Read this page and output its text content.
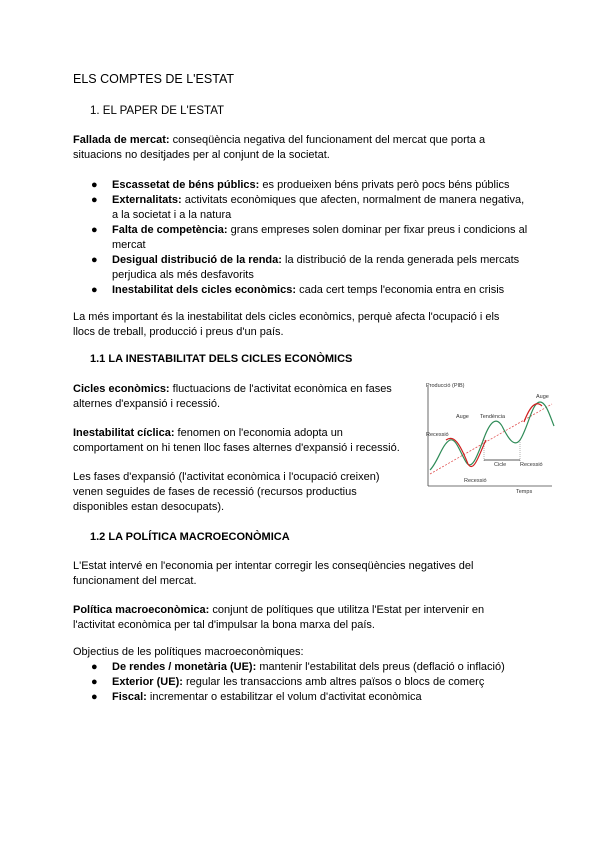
ELS COMPTES DE L'ESTAT
1. EL PAPER DE L'ESTAT

Fallada de mercat: conseqüència negativa del funcionament del mercat que porta a
situacions no desitjades per al conjunt de la societat.

● Escassetat de béns públics: es produeixen béns privats però pocs béns públics
● Externalitats: activitats econòmiques que afecten, normalment de manera negativa,
a la societat i a la natura
● Falta de competència: grans empreses solen dominar per fixar preus i condicions al
mercat
● Desigual distribució de la renda: la distribució de la renda generada pels mercats
perjudica als més desfavorits
● Inestabilitat dels cicles econòmics: cada cert temps l'economia entra en crisis

La més important és la inestabilitat dels cicles econòmics, perquè afecta l'ocupació i els
llocs de treball, producció i preus d'un país.

1.1 LA INESTABILITAT DELS CICLES ECONÒMICS

Cicles econòmics: fluctuacions de l'activitat econòmica en fases
alternes d'expansió i recessió.

Inestabilitat cíclica: fenomen on l'economia adopta un
comportament on hi tenen lloc fases alternes d'expansió i recessió.

Les fases d'expansió (l'activitat econòmica i l'ocupació creixen)
venen seguides de fases de recessió (recursos productius
disponibles estan desocupats).

Producció (PIB)
Temps
Auge
Auge
Tendència
Recessió
Cicle	Recessió
Recessió
1.2 LA POLÍTICA MACROECONÒMICA

L'Estat intervé en l'economia per intentar corregir les conseqüències negatives del
funcionament del mercat.

Política macroeconòmica: conjunt de polítiques que utilitza l'Estat per intervenir en
l'activitat econòmica per tal d'impulsar la bona marxa del país.

Objectius de les polítiques macroeconòmiques:

● De rendes / monetària (UE): mantenir l'estabilitat dels preus (deflació o inflació)
● Exterior (UE): regular les transaccions amb altres països o blocs de comerç
● Fiscal: incrementar o estabilitzar el volum d'activitat econòmica
